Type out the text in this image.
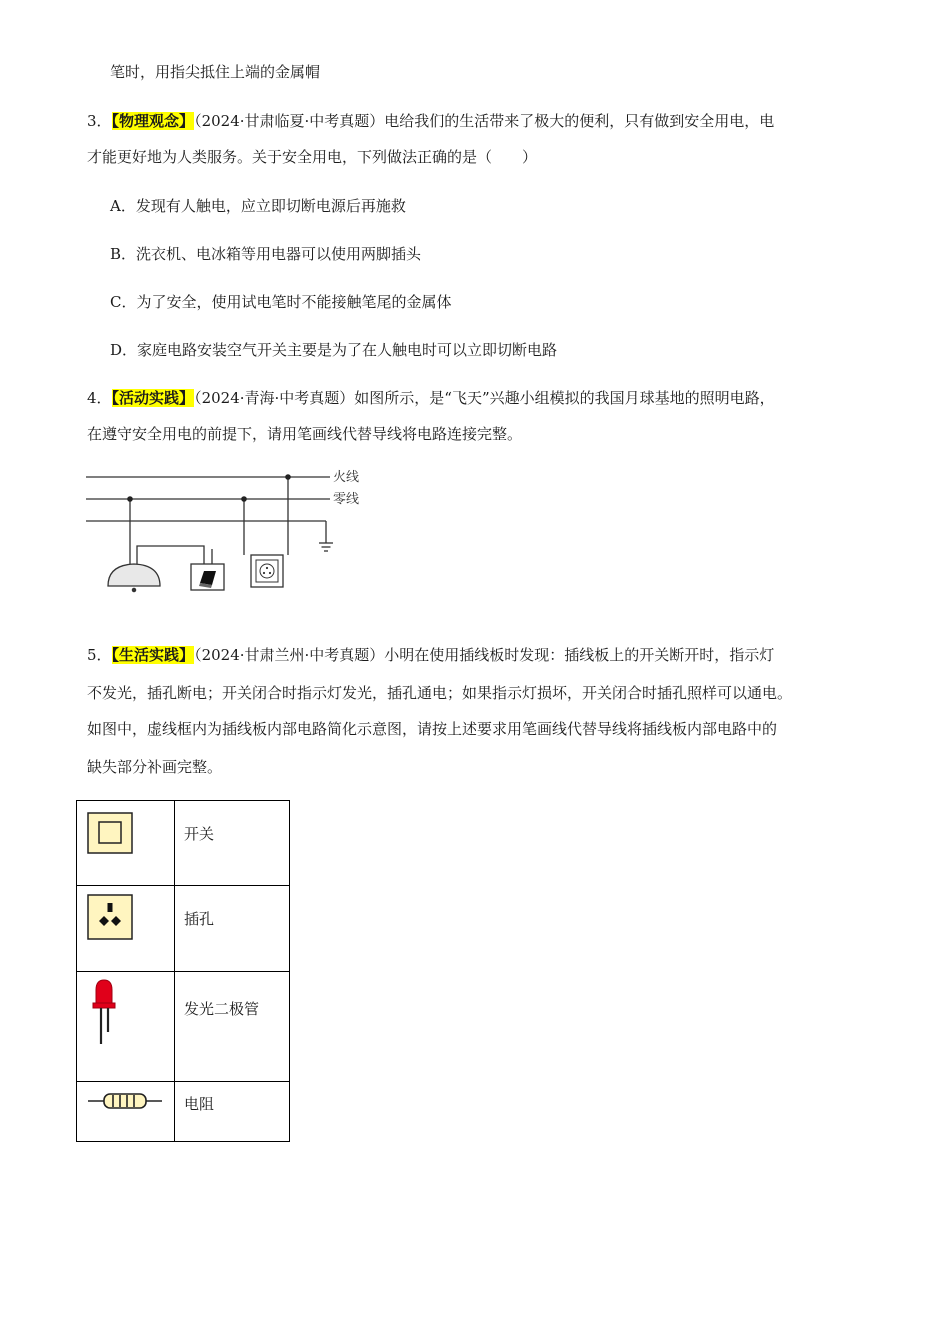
笔时，用指尖抵住上端的金属帽
3．【物理观念】（2024·甘肃临夏·中考真题）电给我们的生活带来了极大的便利，只有做到安全用电，电
才能更好地为人类服务。关于安全用电，下列做法正确的是（　　）
A．发现有人触电，应立即切断电源后再施救
B．洗衣机、电冰箱等用电器可以使用两脚插头
C．为了安全，使用试电笔时不能接触笔尾的金属体
D．家庭电路安装空气开关主要是为了在人触电时可以立即切断电路
4．【活动实践】（2024·青海·中考真题）如图所示，是“飞天”兴趣小组模拟的我国月球基地的照明电路，
在遵守安全用电的前提下，请用笔画线代替导线将电路连接完整。
火线
零线
5．【生活实践】（2024·甘肃兰州·中考真题）小明在使用插线板时发现：插线板上的开关断开时，指示灯
不发光，插孔断电；开关闭合时指示灯发光，插孔通电；如果指示灯损坏，开关闭合时插孔照样可以通电。
如图中，虚线框内为插线板内部电路简化示意图，请按上述要求用笔画线代替导线将插线板内部电路中的
缺失部分补画完整。

开关

插孔

发光二极管

电阻
